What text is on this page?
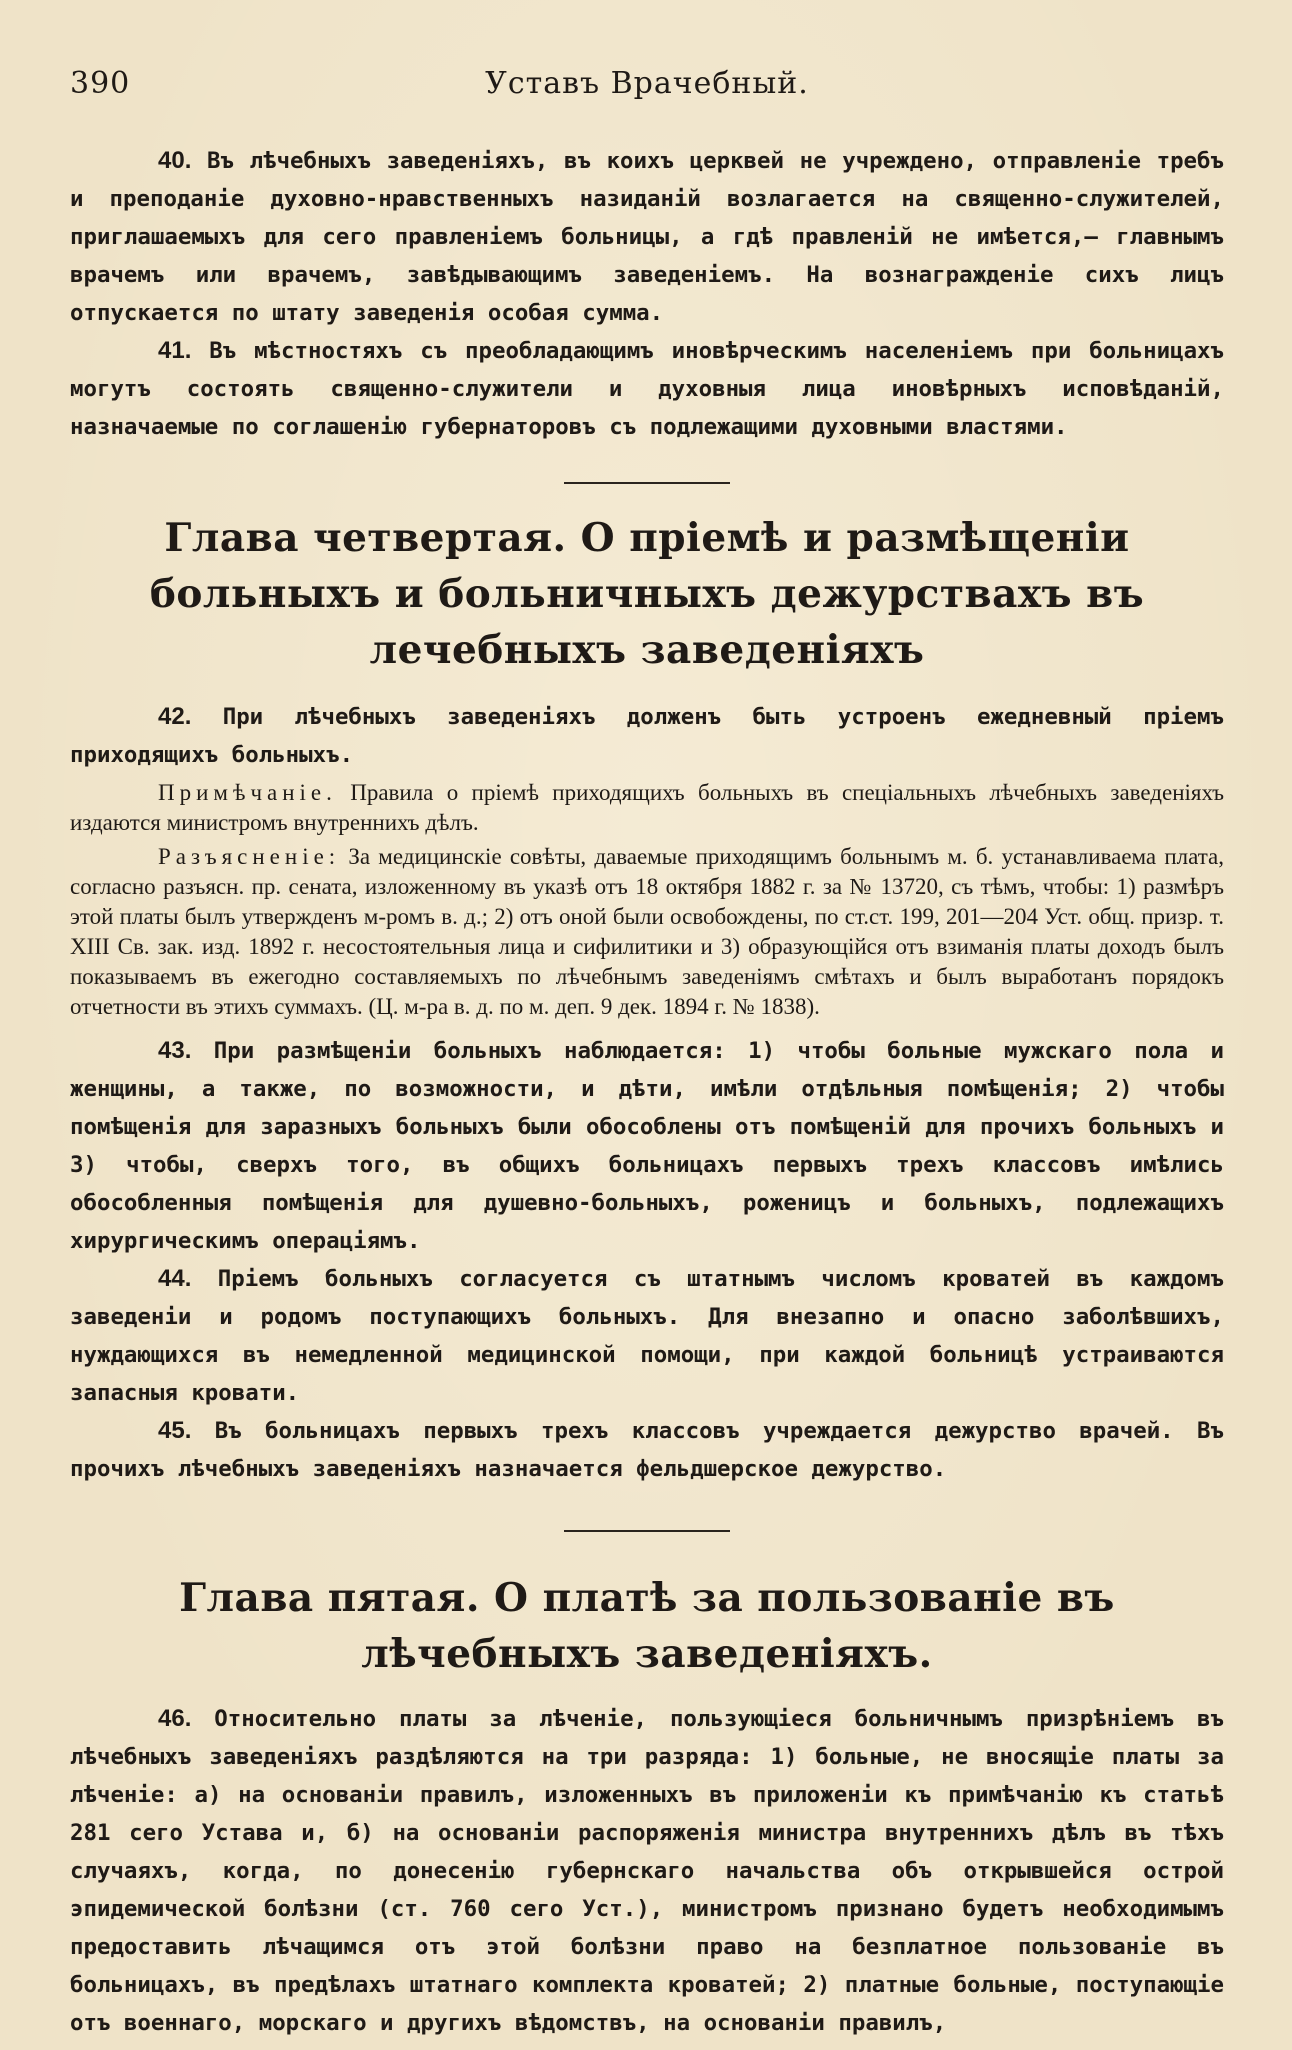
390	Уставъ Врачебный.

40. Въ лѣчебныхъ заведеніяхъ, въ коихъ церквей не учреждено, отправленіе требъ и преподаніе духовно-нравственныхъ назиданій возлагается на священно-служителей, приглашаемыхъ для сего правленіемъ больницы, а гдѣ правленій не имѣется,— главнымъ врачемъ или врачемъ, завѣдывающимъ заведеніемъ. На вознагражденіе сихъ лицъ отпускается по штату заведенія особая сумма.

41. Въ мѣстностяхъ съ преобладающимъ иновѣрческимъ населеніемъ при больницахъ могутъ состоять священно-служители и духовныя лица иновѣрныхъ исповѣданій, назначаемые по соглашенію губернаторовъ съ подлежащими духовными властями.

Глава четвертая. О пріемѣ и размѣщеніи больныхъ и больничныхъ дежурствахъ въ лечебныхъ заведеніяхъ

42. При лѣчебныхъ заведеніяхъ долженъ быть устроенъ ежедневный пріемъ приходящихъ больныхъ.

Примѣчаніе. Правила о пріемѣ приходящихъ больныхъ въ спеціальныхъ лѣчебныхъ заведеніяхъ издаются министромъ внутреннихъ дѣлъ.

Разъясненіе: За медицинскіе совѣты, даваемые приходящимъ больнымъ м. б. устанавливаема плата, согласно разъясн. пр. сената, изложенному въ указѣ отъ 18 октября 1882 г. за № 13720, съ тѣмъ, чтобы: 1) размѣръ этой платы былъ утвержденъ м-ромъ в. д.; 2) отъ оной были освобождены, по ст.ст. 199, 201—204 Уст. общ. призр. т. XIII Св. зак. изд. 1892 г. несостоятельныя лица и сифилитики и 3) образующійся отъ взиманія платы доходъ былъ показываемъ въ ежегодно составляемыхъ по лѣчебнымъ заведеніямъ смѣтахъ и былъ выработанъ порядокъ отчетности въ этихъ суммахъ. (Ц. м-ра в. д. по м. деп. 9 дек. 1894 г. № 1838).

43. При размѣщеніи больныхъ наблюдается: 1) чтобы больные мужскаго пола и женщины, а также, по возможности, и дѣти, имѣли отдѣльныя помѣщенія; 2) чтобы помѣщенія для заразныхъ больныхъ были обособлены отъ помѣщеній для прочихъ больныхъ и 3) чтобы, сверхъ того, въ общихъ больницахъ первыхъ трехъ классовъ имѣлись обособленныя помѣщенія для душевно-больныхъ, роженицъ и больныхъ, подлежащихъ хирургическимъ операціямъ.

44. Пріемъ больныхъ согласуется съ штатнымъ числомъ кроватей въ каждомъ заведеніи и родомъ поступающихъ больныхъ. Для внезапно и опасно заболѣвшихъ, нуждающихся въ немедленной медицинской помощи, при каждой больницѣ устраиваются запасныя кровати.

45. Въ больницахъ первыхъ трехъ классовъ учреждается дежурство врачей. Въ прочихъ лѣчебныхъ заведеніяхъ назначается фельдшерское дежурство.

Глава пятая. О платѣ за пользованіе въ лѣчебныхъ заведеніяхъ.

46. Относительно платы за лѣченіе, пользующіеся больничнымъ призрѣніемъ въ лѣчебныхъ заведеніяхъ раздѣляются на три разряда: 1) больные, не вносящіе платы за лѣченіе: а) на основаніи правилъ, изложенныхъ въ приложеніи къ примѣчанію къ статьѣ 281 сего Устава и, б) на основаніи распоряженія министра внутреннихъ дѣлъ въ тѣхъ случаяхъ, когда, по донесенію губернскаго начальства объ открывшейся острой эпидемической болѣзни (ст. 760 сего Уст.), министромъ признано будетъ необходимымъ предоставить лѣчащимся отъ этой болѣзни право на безплатное пользованіе въ больницахъ, въ предѣлахъ штатнаго комплекта кроватей; 2) платные больные, поступающіе отъ военнаго, морскаго и другихъ вѣдомствъ, на основаніи правилъ,
